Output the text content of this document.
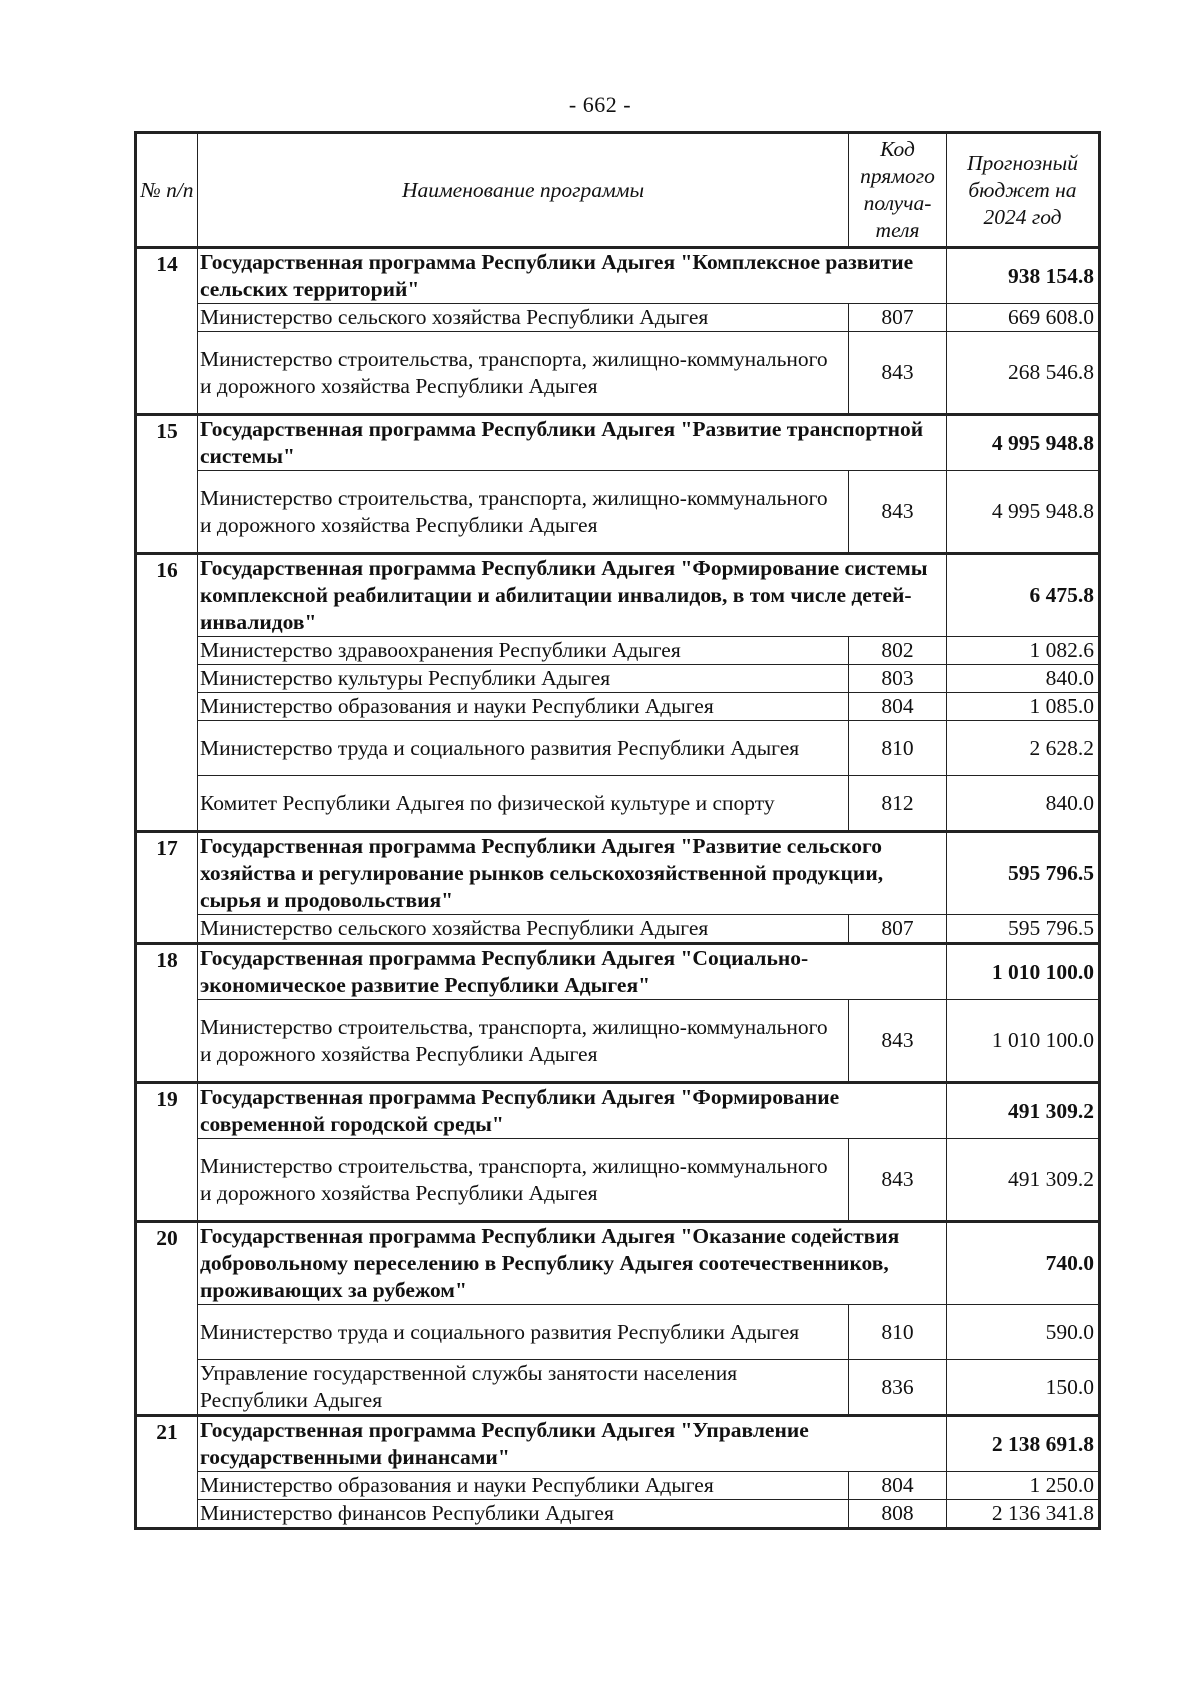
- 662 -
№ п/п	Наименование программы	Код прямого получа-теля	Прогнозный бюджет на 2024 год
14	Государственная программа Республики Адыгея "Комплексное развитие сельских территорий"		938 154.8
	Министерство сельского хозяйства Республики Адыгея	807	669 608.0
	Министерство строительства, транспорта, жилищно-коммунального и дорожного хозяйства Республики Адыгея	843	268 546.8
15	Государственная программа Республики Адыгея "Развитие транспортной системы"		4 995 948.8
	Министерство строительства, транспорта, жилищно-коммунального и дорожного хозяйства Республики Адыгея	843	4 995 948.8
16	Государственная программа Республики Адыгея "Формирование системы комплексной реабилитации и абилитации инвалидов, в том числе детей-инвалидов"		6 475.8
	Министерство здравоохранения Республики Адыгея	802	1 082.6
	Министерство культуры Республики Адыгея	803	840.0
	Министерство образования и науки Республики Адыгея	804	1 085.0
	Министерство труда и социального развития Республики Адыгея	810	2 628.2
	Комитет Республики Адыгея по физической культуре и спорту	812	840.0
17	Государственная программа Республики Адыгея "Развитие сельского хозяйства и регулирование рынков сельскохозяйственной продукции, сырья и продовольствия"		595 796.5
	Министерство сельского хозяйства Республики Адыгея	807	595 796.5
18	Государственная программа Республики Адыгея "Социально-экономическое развитие Республики Адыгея"		1 010 100.0
	Министерство строительства, транспорта, жилищно-коммунального и дорожного хозяйства Республики Адыгея	843	1 010 100.0
19	Государственная программа Республики Адыгея "Формирование современной городской среды"		491 309.2
	Министерство строительства, транспорта, жилищно-коммунального и дорожного хозяйства Республики Адыгея	843	491 309.2
20	Государственная программа Республики Адыгея "Оказание содействия добровольному переселению в Республику Адыгея соотечественников, проживающих за рубежом"		740.0
	Министерство труда и социального развития Республики Адыгея	810	590.0
	Управление государственной службы занятости населения Республики Адыгея	836	150.0
21	Государственная программа Республики Адыгея "Управление государственными финансами"		2 138 691.8
	Министерство образования и науки Республики Адыгея	804	1 250.0
	Министерство финансов Республики Адыгея	808	2 136 341.8
